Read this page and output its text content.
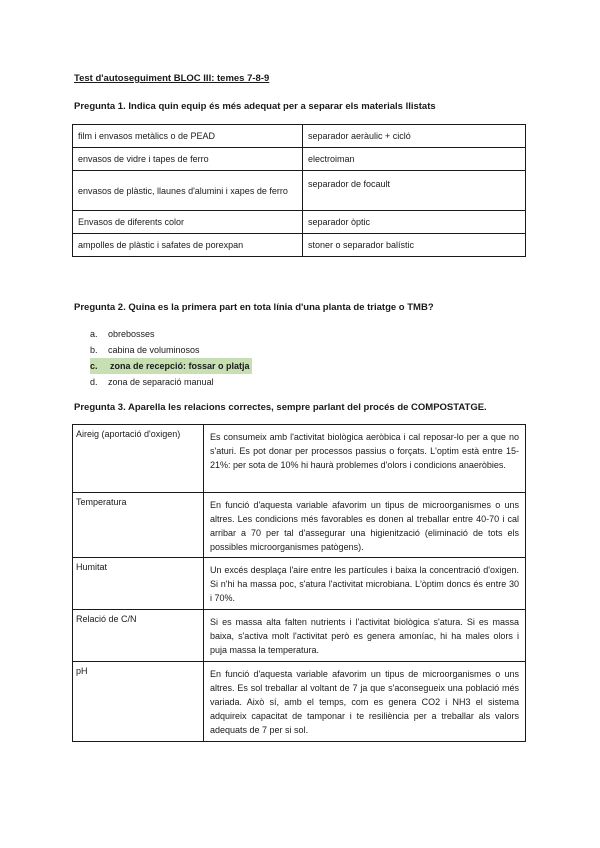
Test d'autoseguiment BLOC III: temes 7-8-9
Pregunta 1. Indica quin equip és més adequat per a separar els materials llistats
film i envasos metàlics o de PEAD	separador aeràulic + cicló
envasos de vidre i tapes de ferro	electroiman
envasos de plàstic, llaunes d'alumini i xapes de ferro	separador de focault
Envasos de diferents color	separador òptic
ampolles de plàstic i safates de porexpan	stoner o separador balístic
Pregunta 2. Quina es la primera part en tota línia d'una planta de triatge o TMB?
a.	obrebosses
b.	cabina de voluminosos
c.	zona de recepció: fossar o platja
d.	zona de separació manual
Pregunta 3. Aparella les relacions correctes, sempre parlant del procés de COMPOSTATGE.
Aireig (aportació d'oxigen)	Es consumeix amb l'activitat biològica aeròbica i cal reposar-lo per a que no s'aturi. Es pot donar per processos passius o forçats. L'optim està entre 15-21%: per sota de 10% hi haurà problemes d'olors i condicions anaeròbies.
Temperatura	En funció d'aquesta variable afavorim un tipus de microorganismes o uns altres. Les condicions més favorables es donen al treballar entre 40-70 i cal arribar a 70 per tal d'assegurar una higienització (eliminació de tots els possibles microorganismes patògens).
Humitat	Un excés desplaça l'aire entre les partícules i baixa la concentració d'oxigen. Si n'hi ha massa poc, s'atura l'activitat microbiana. L'òptim doncs és entre 30 i 70%.
Relació de C/N	Si es massa alta falten nutrients i l'activitat biològica s'atura. Si es massa baixa, s'activa molt l'activitat però es genera amoníac, hi ha males olors i puja massa la temperatura.
pH	En funció d'aquesta variable afavorim un tipus de microorganismes o uns altres. Es sol treballar al voltant de 7 ja que s'aconsegueix una població més variada. Això sí, amb el temps, com es genera CO2 i NH3 el sistema adquireix capacitat de tamponar i te resiliència per a treballar als valors adequats de 7 per si sol.
